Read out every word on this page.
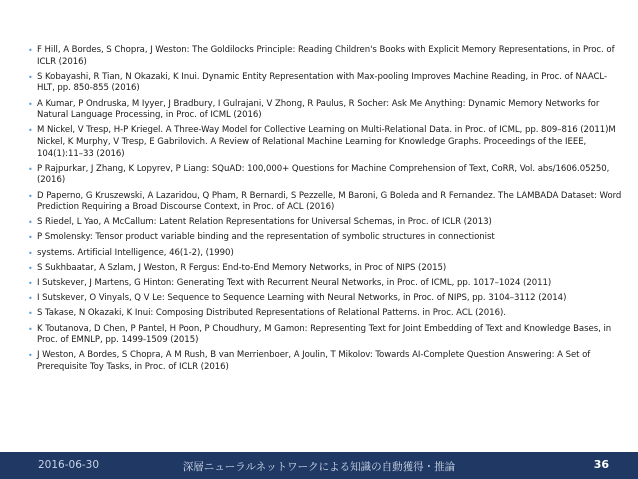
• F Hill, A Bordes, S Chopra, J Weston: The Goldilocks Principle: Reading Children's Books with Explicit Memory Representations, in Proc. of ICLR (2016)
• S Kobayashi, R Tian, N Okazaki, K Inui. Dynamic Entity Representation with Max-pooling Improves Machine Reading, in Proc. of NAACL-HLT, pp. 850-855 (2016)
• A Kumar, P Ondruska, M Iyyer, J Bradbury, I Gulrajani, V Zhong, R Paulus, R Socher: Ask Me Anything: Dynamic Memory Networks for Natural Language Processing, in Proc. of ICML (2016)
• M Nickel, V Tresp, H-P Kriegel. A Three-Way Model for Collective Learning on Multi-Relational Data. in Proc. of ICML, pp. 809–816 (2011)M Nickel, K Murphy, V Tresp, E Gabrilovich. A Review of Relational Machine Learning for Knowledge Graphs. Proceedings of the IEEE, 104(1):11–33 (2016)
• P Rajpurkar, J Zhang, K Lopyrev, P Liang: SQuAD: 100,000+ Questions for Machine Comprehension of Text, CoRR, Vol. abs/1606.05250, (2016)
• D Paperno, G Kruszewski, A Lazaridou, Q Pham, R Bernardi, S Pezzelle, M Baroni, G Boleda and R Fernandez. The LAMBADA Dataset: Word Prediction Requiring a Broad Discourse Context, in Proc. of ACL (2016)
• S Riedel, L Yao, A McCallum: Latent Relation Representations for Universal Schemas, in Proc. of ICLR (2013)
• P Smolensky: Tensor product variable binding and the representation of symbolic structures in connectionist
• systems. Artificial Intelligence, 46(1-2), (1990)
• S Sukhbaatar, A Szlam, J Weston, R Fergus: End-to-End Memory Networks, in Proc of NIPS (2015)
• I Sutskever, J Martens, G Hinton: Generating Text with Recurrent Neural Networks, in Proc. of ICML, pp. 1017–1024 (2011)
• I Sutskever, O Vinyals, Q V Le: Sequence to Sequence Learning with Neural Networks, in Proc. of NIPS, pp. 3104–3112 (2014)
• S Takase, N Okazaki, K Inui: Composing Distributed Representations of Relational Patterns. in Proc. ACL (2016).
• K Toutanova, D Chen, P Pantel, H Poon, P Choudhury, M Gamon: Representing Text for Joint Embedding of Text and Knowledge Bases, in Proc. of EMNLP, pp. 1499-1509 (2015)
• J Weston, A Bordes, S Chopra, A M Rush, B van Merrienboer, A Joulin, T Mikolov: Towards AI-Complete Question Answering: A Set of Prerequisite Toy Tasks, in Proc. of ICLR (2016)
2016-06-30	深層ニューラルネットワークによる知識の自動獲得・推論	36
